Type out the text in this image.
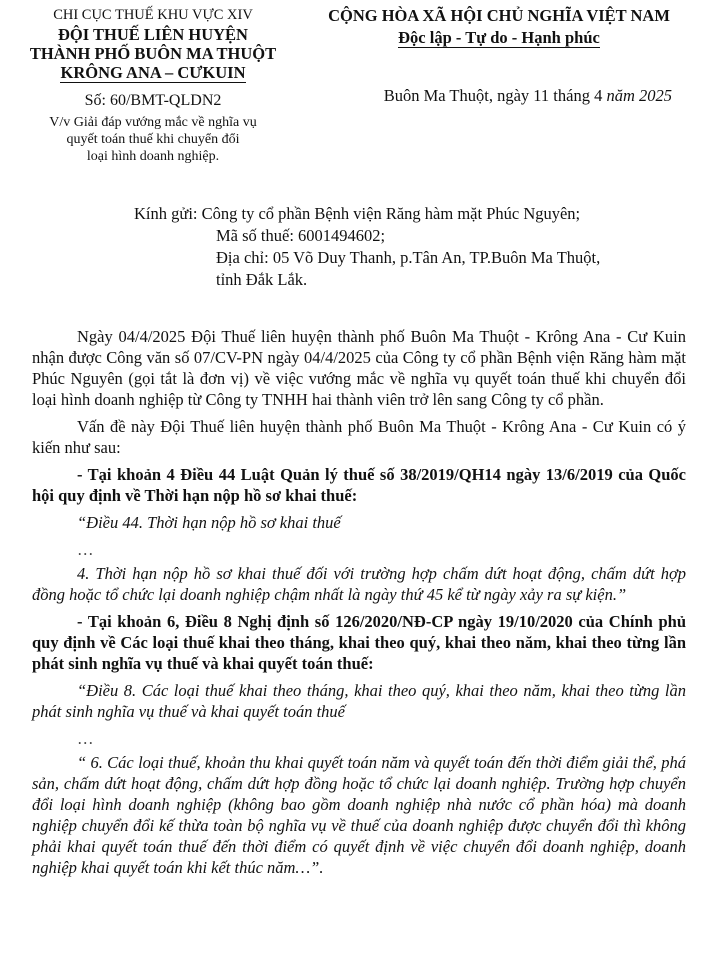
CHI CỤC THUẾ KHU VỰC XIV
ĐỘI THUẾ LIÊN HUYỆN
THÀNH PHỐ BUÔN MA THUỘT
KRÔNG ANA – CƯKUIN
Số: 60/BMT-QLDN2
V/v Giải đáp vướng mắc về nghĩa vụ
quyết toán thuế khi chuyển đổi
loại hình doanh nghiệp.
CỘNG HÒA XÃ HỘI CHỦ NGHĨA VIỆT NAM
Độc lập - Tự do - Hạnh phúc
Buôn Ma Thuột, ngày 11 tháng 4 năm 2025
Kính gửi: Công ty cổ phần Bệnh viện Răng hàm mặt Phúc Nguyên;
Mã số thuế: 6001494602;
Địa chỉ: 05 Võ Duy Thanh, p.Tân An, TP.Buôn Ma Thuột,
tỉnh Đắk Lắk.

Ngày 04/4/2025 Đội Thuế liên huyện thành phố Buôn Ma Thuột - Krông Ana - Cư Kuin nhận được Công văn số 07/CV-PN ngày 04/4/2025 của Công ty cổ phần Bệnh viện Răng hàm mặt Phúc Nguyên (gọi tắt là đơn vị) về việc vướng mắc về nghĩa vụ quyết toán thuế khi chuyển đổi loại hình doanh nghiệp từ Công ty TNHH hai thành viên trở lên sang Công ty cổ phần.

Vấn đề này Đội Thuế liên huyện thành phố Buôn Ma Thuột - Krông Ana - Cư Kuin có ý kiến như sau:

- Tại khoản 4 Điều 44 Luật Quản lý thuế số 38/2019/QH14 ngày 13/6/2019 của Quốc hội quy định về Thời hạn nộp hồ sơ khai thuế:

“Điều 44. Thời hạn nộp hồ sơ khai thuế

…

4. Thời hạn nộp hồ sơ khai thuế đối với trường hợp chấm dứt hoạt động, chấm dứt hợp đồng hoặc tổ chức lại doanh nghiệp chậm nhất là ngày thứ 45 kể từ ngày xảy ra sự kiện.”

- Tại khoản 6, Điều 8 Nghị định số 126/2020/NĐ-CP ngày 19/10/2020 của Chính phủ quy định về Các loại thuế khai theo tháng, khai theo quý, khai theo năm, khai theo từng lần phát sinh nghĩa vụ thuế và khai quyết toán thuế:

“Điều 8. Các loại thuế khai theo tháng, khai theo quý, khai theo năm, khai theo từng lần phát sinh nghĩa vụ thuế và khai quyết toán thuế

…

“ 6. Các loại thuế, khoản thu khai quyết toán năm và quyết toán đến thời điểm giải thể, phá sản, chấm dứt hoạt động, chấm dứt hợp đồng hoặc tổ chức lại doanh nghiệp. Trường hợp chuyển đổi loại hình doanh nghiệp (không bao gồm doanh nghiệp nhà nước cổ phần hóa) mà doanh nghiệp chuyển đổi kế thừa toàn bộ nghĩa vụ về thuế của doanh nghiệp được chuyển đổi thì không phải khai quyết toán thuế đến thời điểm có quyết định về việc chuyển đổi doanh nghiệp, doanh nghiệp khai quyết toán khi kết thúc năm…”.
